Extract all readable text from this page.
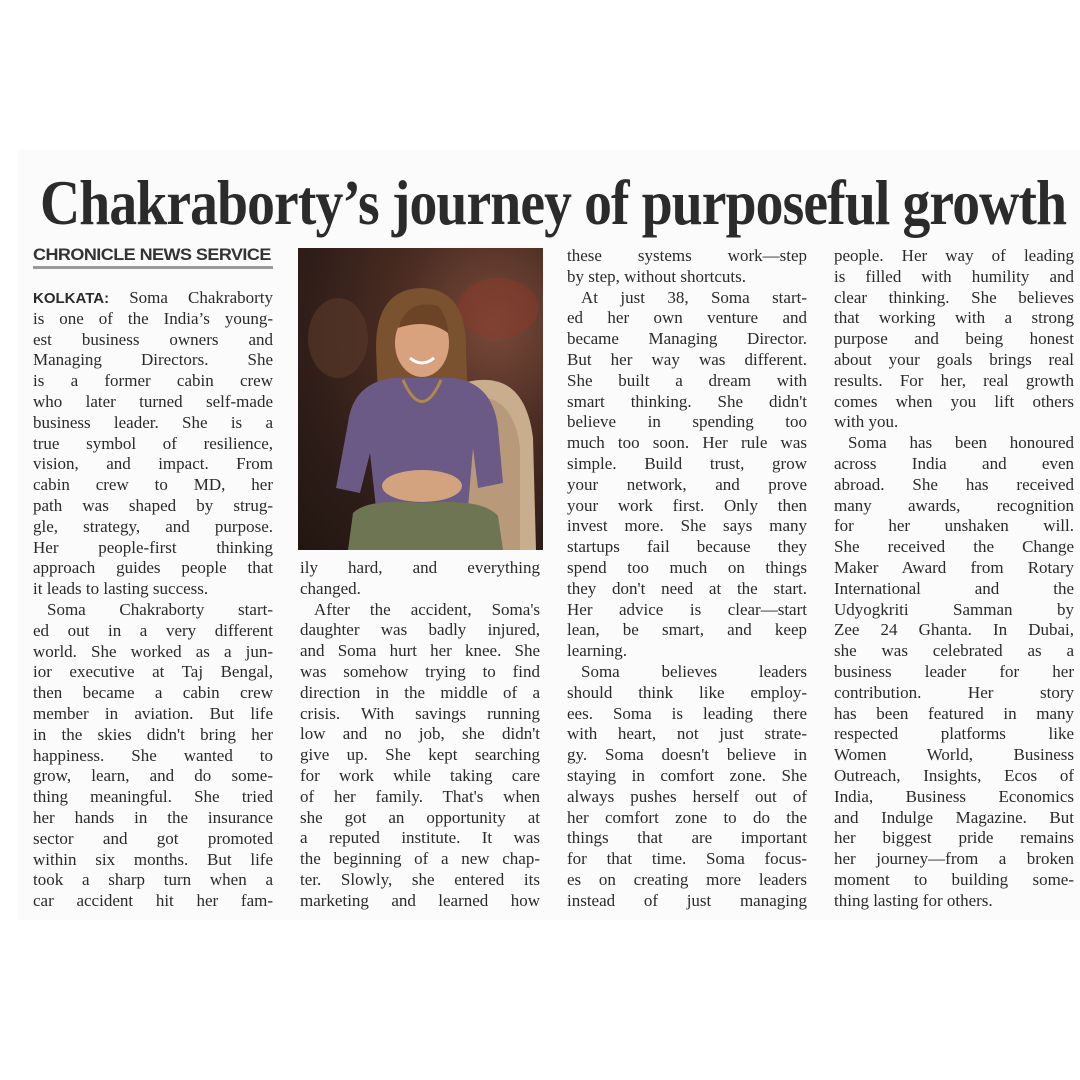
Chakraborty’s journey of purposeful growth
CHRONICLE NEWS SERVICE
KOLKATA: Soma Chakraborty
is one of the India’s young-
est business owners and
Managing Directors. She
is a former cabin crew
who later turned self-made
business leader. She is a
true symbol of resilience,
vision, and impact. From
cabin crew to MD, her
path was shaped by strug-
gle, strategy, and purpose.
Her people-first thinking
approach guides people that
it leads to lasting success.
Soma Chakraborty start-
ed out in a very different
world. She worked as a jun-
ior executive at Taj Bengal,
then became a cabin crew
member in aviation. But life
in the skies didn't bring her
happiness. She wanted to
grow, learn, and do some-
thing meaningful. She tried
her hands in the insurance
sector and got promoted
within six months. But life
took a sharp turn when a
car accident hit her fam-
ily hard, and everything
changed.
After the accident, Soma's
daughter was badly injured,
and Soma hurt her knee. She
was somehow trying to find
direction in the middle of a
crisis. With savings running
low and no job, she didn't
give up. She kept searching
for work while taking care
of her family. That's when
she got an opportunity at
a reputed institute. It was
the beginning of a new chap-
ter. Slowly, she entered its
marketing and learned how
these systems work—step
by step, without shortcuts.
At just 38, Soma start-
ed her own venture and
became Managing Director.
But her way was different.
She built a dream with
smart thinking. She didn't
believe in spending too
much too soon. Her rule was
simple. Build trust, grow
your network, and prove
your work first. Only then
invest more. She says many
startups fail because they
spend too much on things
they don't need at the start.
Her advice is clear—start
lean, be smart, and keep
learning.
Soma believes leaders
should think like employ-
ees. Soma is leading there
with heart, not just strate-
gy. Soma doesn't believe in
staying in comfort zone. She
always pushes herself out of
her comfort zone to do the
things that are important
for that time. Soma focus-
es on creating more leaders
instead of just managing
people. Her way of leading
is filled with humility and
clear thinking. She believes
that working with a strong
purpose and being honest
about your goals brings real
results. For her, real growth
comes when you lift others
with you.
Soma has been honoured
across India and even
abroad. She has received
many awards, recognition
for her unshaken will.
She received the Change
Maker Award from Rotary
International and the
Udyogkriti Samman by
Zee 24 Ghanta. In Dubai,
she was celebrated as a
business leader for her
contribution. Her story
has been featured in many
respected platforms like
Women World, Business
Outreach, Insights, Ecos of
India, Business Economics
and Indulge Magazine. But
her biggest pride remains
her journey—from a broken
moment to building some-
thing lasting for others.
